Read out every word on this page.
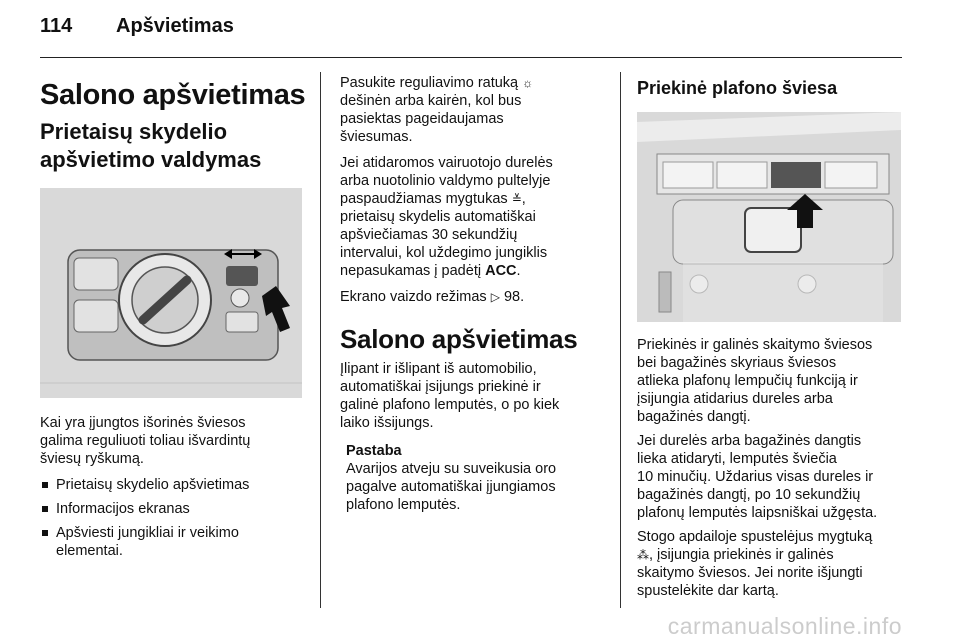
114 Apšvietimas
Salono apšvietimas
Prietaisų skydelio
apšvietimo valdymas

Kai yra įjungtos išorinės šviesos
galima reguliuoti toliau išvardintų
šviesų ryškumą.

Prietaisų skydelio apšvietimas
Informacijos ekranas
Apšviesti jungikliai ir veikimo
elementai.

Pasukite reguliavimo ratuką ☼
dešinėn arba kairėn, kol bus
pasiektas pageidaujamas
šviesumas.

Jei atidaromos vairuotojo durelės
arba nuotolinio valdymo pultelyje
paspaudžiamas mygtukas ≚,
prietaisų skydelis automatiškai
apšviečiamas 30 sekundžių
intervalui, kol uždegimo jungiklis
nepasukamas į padėtį ACC.

Ekrano vaizdo režimas ▷ 98.

Salono apšvietimas

Įlipant ir išlipant iš automobilio,
automatiškai įsijungs priekinė ir
galinė plafono lemputės, o po kiek
laiko išsijungs.

Pastaba

Avarijos atveju su suveikusia oro
pagalve automatiškai įjungiamos
plafono lemputės.

Priekinė plafono šviesa

Priekinės ir galinės skaitymo šviesos
bei bagažinės skyriaus šviesos
atlieka plafonų lempučių funkciją ir
įsijungia atidarius dureles arba
bagažinės dangtį.

Jei durelės arba bagažinės dangtis
lieka atidaryti, lemputės šviečia
10 minučių. Uždarius visas dureles ir
bagažinės dangtį, po 10 sekundžių
plafonų lemputės laipsniškai užgęsta.

Stogo apdailoje spustelėjus mygtuką
⁂, įsijungia priekinės ir galinės
skaitymo šviesos. Jei norite išjungti
spustelėkite dar kartą.

carmanualsonline.info
